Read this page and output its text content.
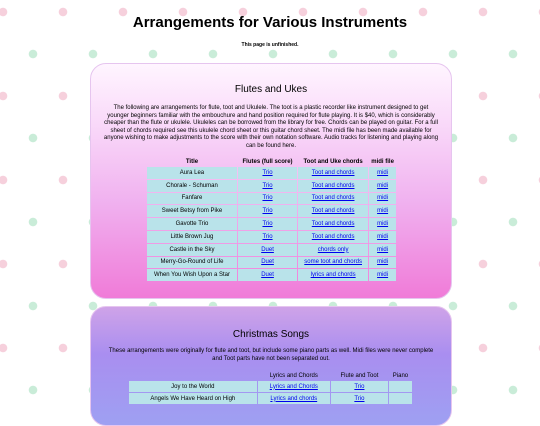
Arrangements for Various Instruments
This page is unfinished.
Flutes and Ukes
The following are arrangements for flute, toot and Ukulele. The toot is a plastic recorder like instrument designed to get younger beginners familiar with the embouchure and hand position required for flute playing. It is $40, which is considerably cheaper than the flute or ukulele. Ukuleles can be borrowed from the library for free. Chords can be played on guitar. For a full sheet of chords required see this ukulele chord sheet or this guitar chord sheet. The midi file has been made available for anyone wishing to make adjustments to the score with their own notation software. Audio tracks for listening and playing along can be found here.
Title	Flutes (full score)	Toot and Uke chords	midi file
Aura Lea	Trio	Toot and chords	midi
Chorale - Schuman	Trio	Toot and chords	midi
Fanfare	Trio	Toot and chords	midi
Sweet Betsy from Pike	Trio	Toot and chords	midi
Gavotte Trio	Trio	Toot and chords	midi
Little Brown Jug	Trio	Toot and chords	midi
Castle in the Sky	Duet	chords only	midi
Merry-Go-Round of Life	Duet	some toot and chords	midi
When You Wish Upon a Star	Duet	lyrics and chords	midi
Christmas Songs
These arrangements were originally for flute and toot, but include some piano parts as well. Midi files were never complete and Toot parts have not been separated out.
	Lyrics and Chords	Flute and Toot	Piano
Joy to the World	Lyrics and Chords	Trio	
Angels We Have Heard on High	Lyrics and chords	Trio	
